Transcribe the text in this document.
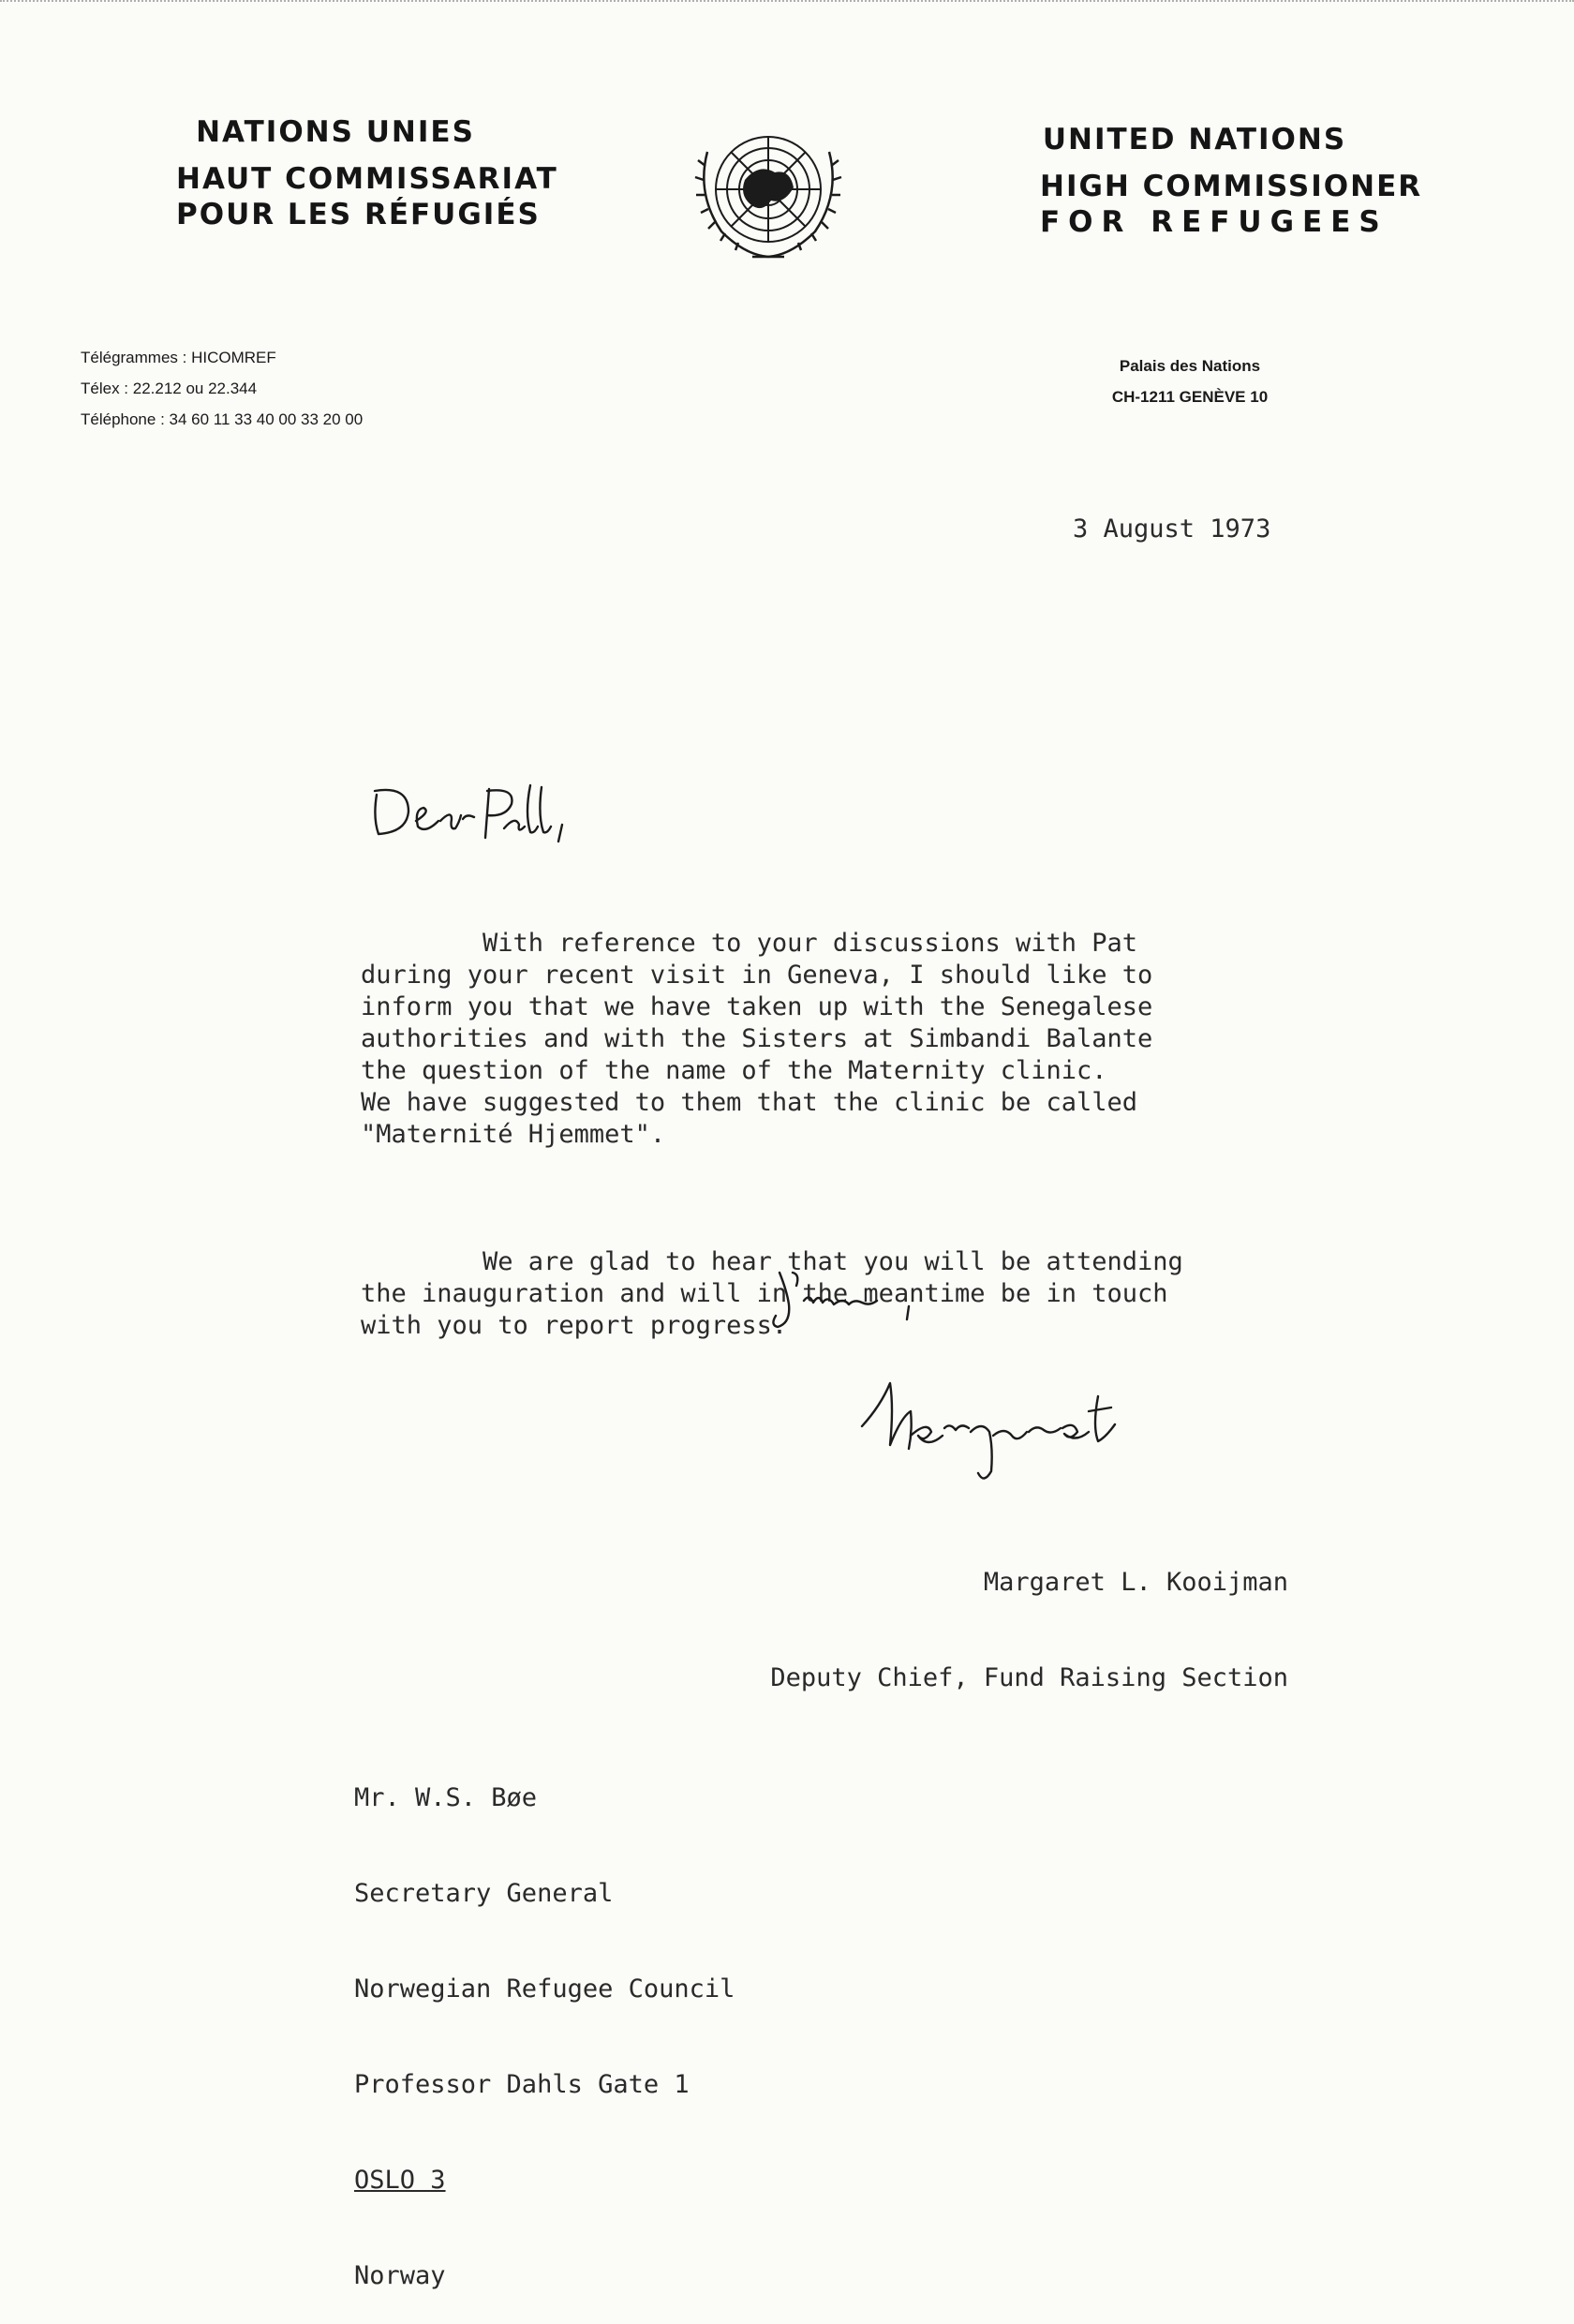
NATIONS UNIES
HAUT COMMISSARIAT
POUR LES RÉFUGIÉS
UNITED NATIONS
HIGH COMMISSIONER
FOR REFUGEES
Télégrammes : HICOMREF
Télex : 22.212 ou 22.344
Téléphone : 34 60 11 33 40 00 33 20 00
Palais des Nations
CH-1211 GENÈVE 10
3 August 1973

With reference to your discussions with Pat
during your recent visit in Geneva, I should like to
inform you that we have taken up with the Senegalese
authorities and with the Sisters at Simbandi Balante
the question of the name of the Maternity clinic.
We have suggested to them that the clinic be called
"Maternité Hjemmet".

We are glad to hear that you will be attending
the inauguration and will in the meantime be in touch
with you to report progress.

Margaret L. Kooijman

Deputy Chief, Fund Raising Section

Mr. W.S. Bøe

Secretary General

Norwegian Refugee Council

Professor Dahls Gate 1

OSLO 3

Norway
